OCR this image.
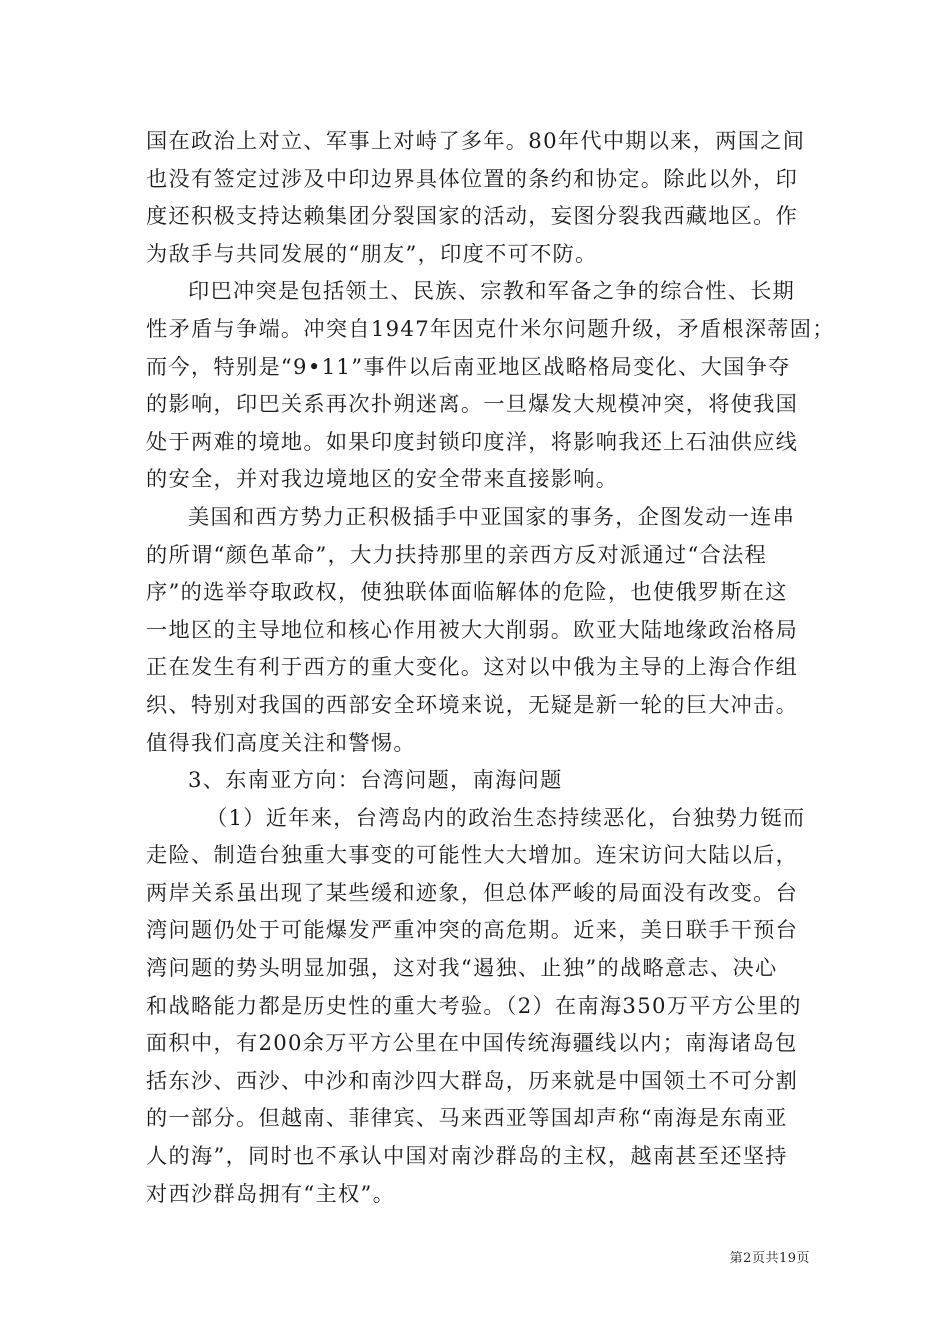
国在政治上对立、军事上对峙了多年。80年代中期以来，两国之间
也没有签定过涉及中印边界具体位置的条约和协定。除此以外，印
度还积极支持达赖集团分裂国家的活动，妄图分裂我西藏地区。作
为敌手与共同发展的“朋友”，印度不可不防。

印巴冲突是包括领土、民族、宗教和军备之争的综合性、长期
性矛盾与争端。冲突自1947年因克什米尔问题升级，矛盾根深蒂固；
而今，特别是“9•11”事件以后南亚地区战略格局变化、大国争夺
的影响，印巴关系再次扑朔迷离。一旦爆发大规模冲突，将使我国
处于两难的境地。如果印度封锁印度洋，将影响我还上石油供应线
的安全，并对我边境地区的安全带来直接影响。

美国和西方势力正积极插手中亚国家的事务，企图发动一连串
的所谓“颜色革命”，大力扶持那里的亲西方反对派通过“合法程
序”的选举夺取政权，使独联体面临解体的危险，也使俄罗斯在这
一地区的主导地位和核心作用被大大削弱。欧亚大陆地缘政治格局
正在发生有利于西方的重大变化。这对以中俄为主导的上海合作组
织、特别对我国的西部安全环境来说，无疑是新一轮的巨大冲击。
值得我们高度关注和警惕。

3、东南亚方向：台湾问题，南海问题

（1）近年来，台湾岛内的政治生态持续恶化，台独势力铤而
走险、制造台独重大事变的可能性大大增加。连宋访问大陆以后，
两岸关系虽出现了某些缓和迹象，但总体严峻的局面没有改变。台
湾问题仍处于可能爆发严重冲突的高危期。近来，美日联手干预台
湾问题的势头明显加强，这对我“遏独、止独”的战略意志、决心
和战略能力都是历史性的重大考验。（2）在南海350万平方公里的
面积中，有200余万平方公里在中国传统海疆线以内；南海诸岛包
括东沙、西沙、中沙和南沙四大群岛，历来就是中国领土不可分割
的一部分。但越南、菲律宾、马来西亚等国却声称“南海是东南亚
人的海”，同时也不承认中国对南沙群岛的主权，越南甚至还坚持
对西沙群岛拥有“主权”。

第2页共19页
